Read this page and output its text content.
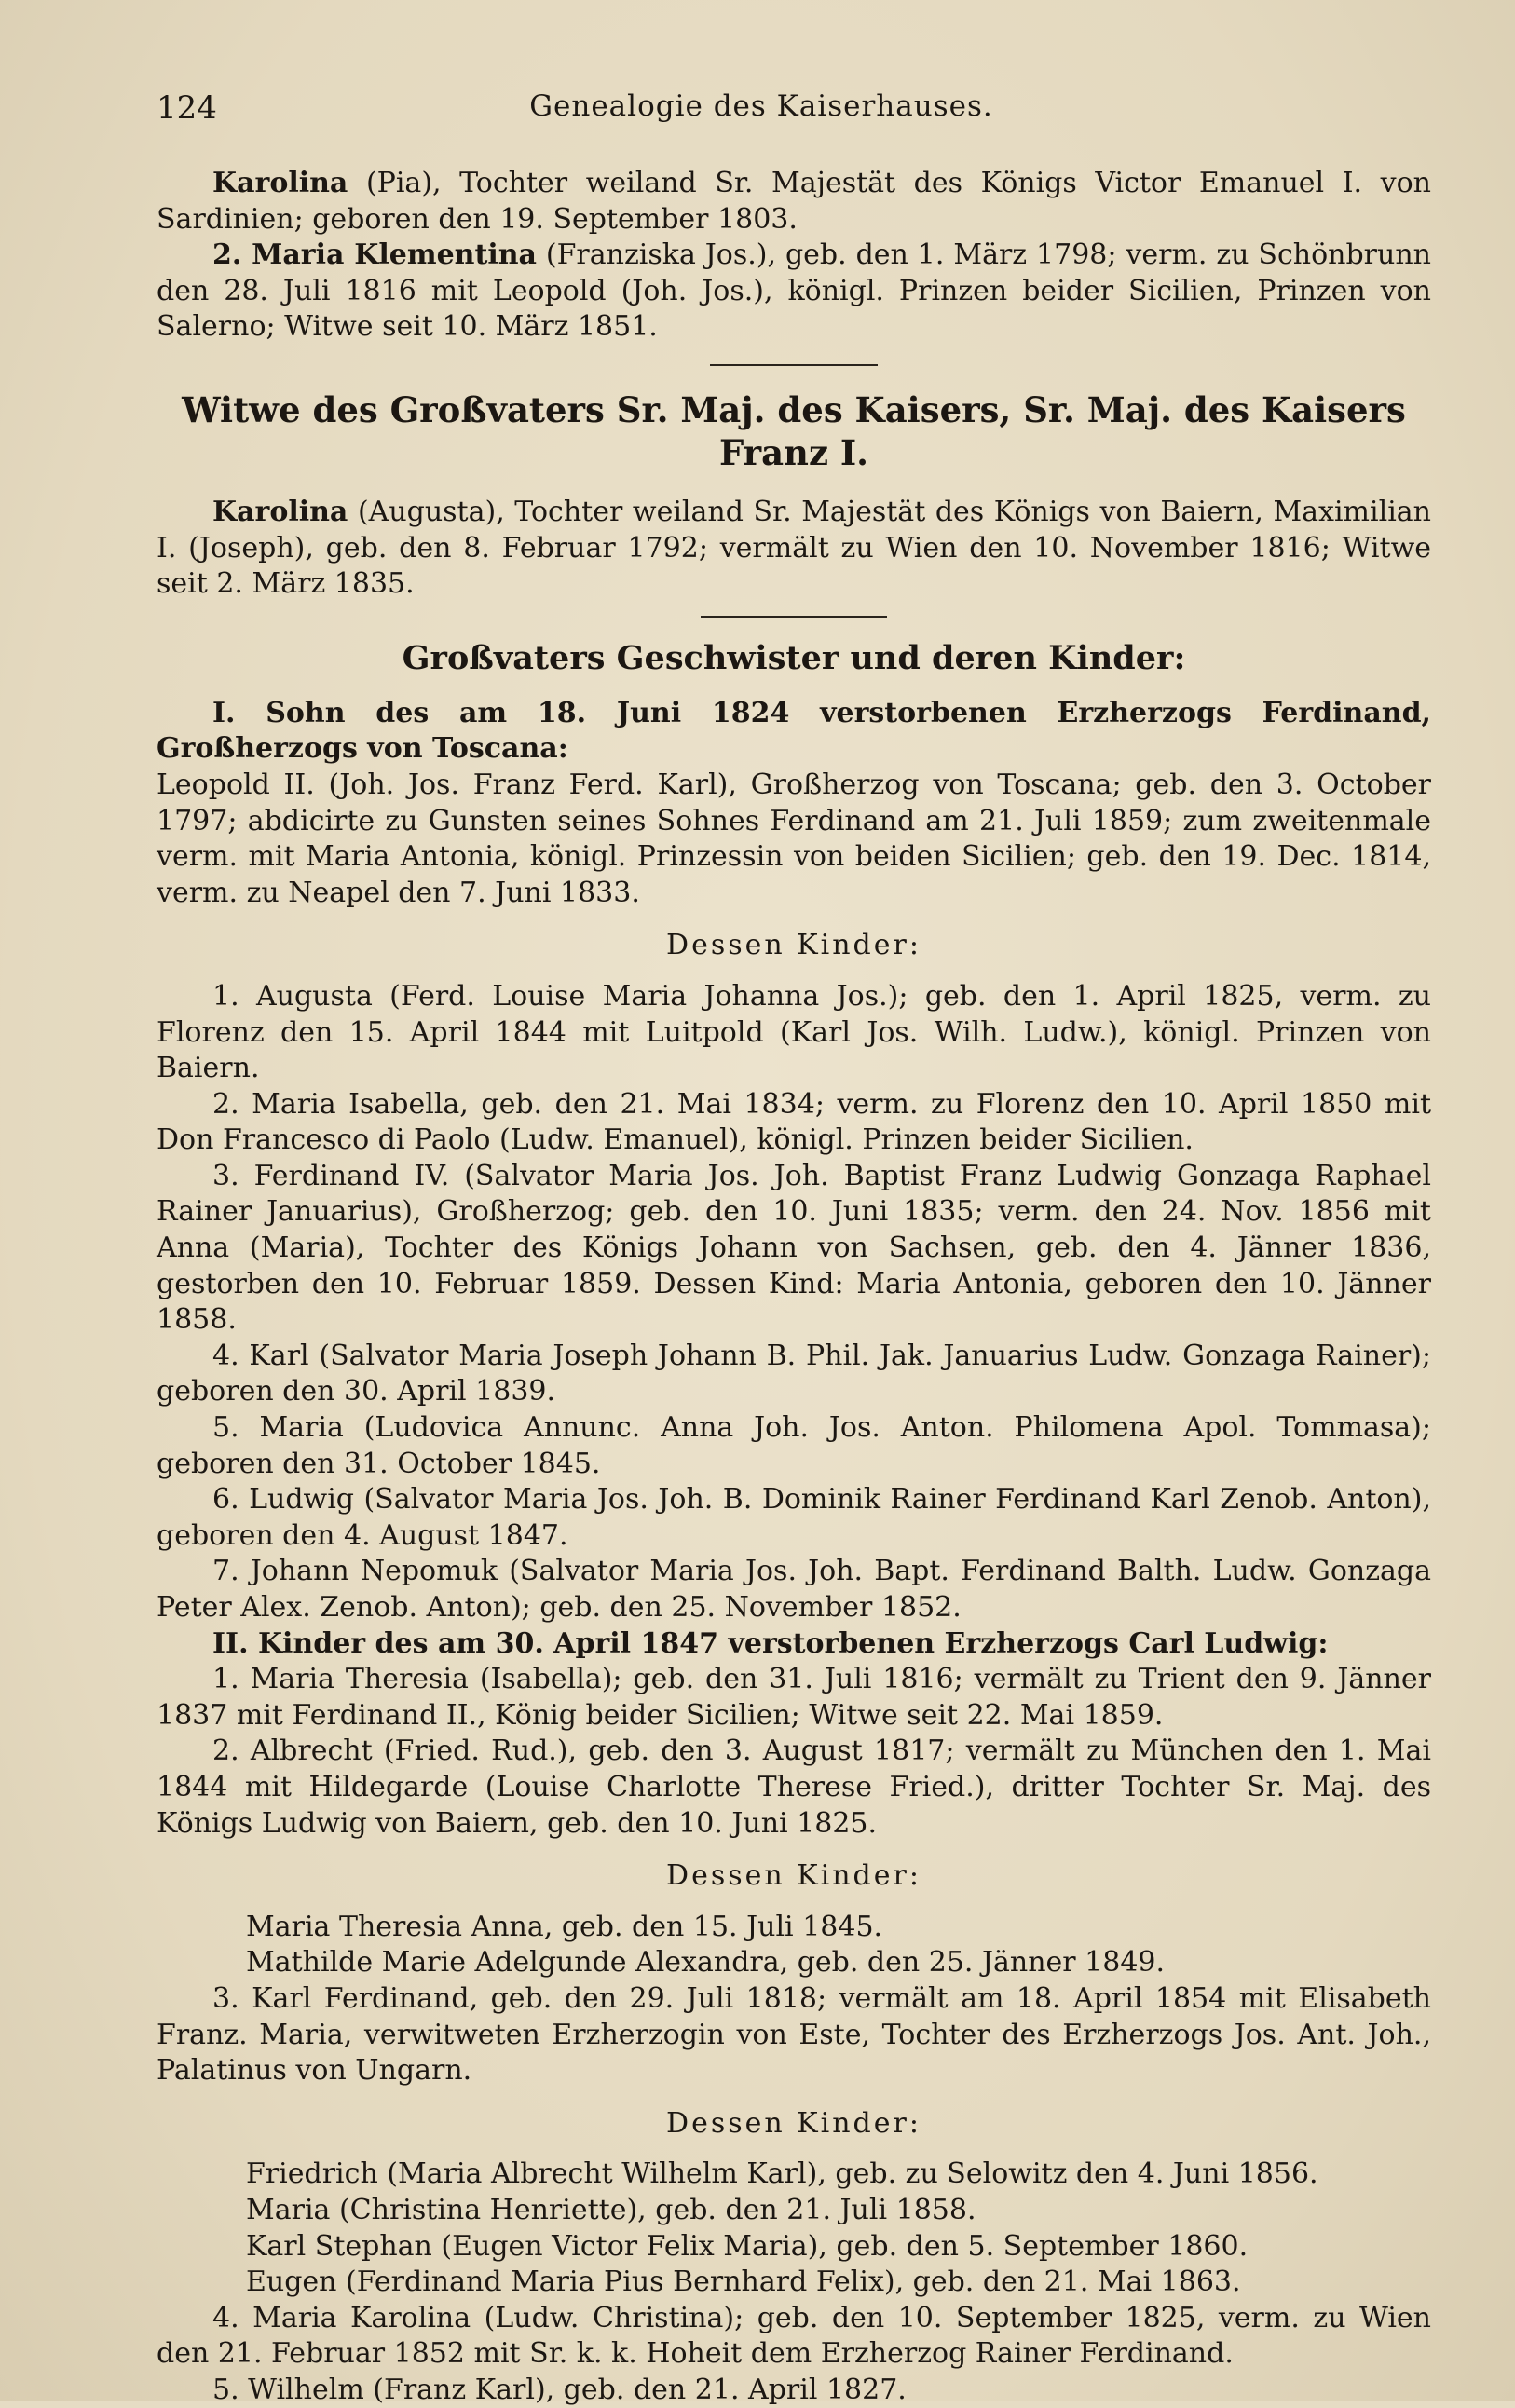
124	Genealogie des Kaiserhauses.

Karolina (Pia), Tochter weiland Sr. Majestät des Königs Victor Emanuel I. von Sardinien; geboren den 19. September 1803.

2. Maria Klementina (Franziska Jos.), geb. den 1. März 1798; verm. zu Schönbrunn den 28. Juli 1816 mit Leopold (Joh. Jos.), königl. Prinzen beider Sicilien, Prinzen von Salerno; Witwe seit 10. März 1851.

Witwe des Großvaters Sr. Maj. des Kaisers, Sr. Maj. des Kaisers Franz I.

Karolina (Augusta), Tochter weiland Sr. Majestät des Königs von Baiern, Maximilian I. (Joseph), geb. den 8. Februar 1792; vermält zu Wien den 10. November 1816; Witwe seit 2. März 1835.

Großvaters Geschwister und deren Kinder:

I. Sohn des am 18. Juni 1824 verstorbenen Erzherzogs Ferdinand, Großherzogs von Toscana:

Leopold II. (Joh. Jos. Franz Ferd. Karl), Großherzog von Toscana; geb. den 3. October 1797; abdicirte zu Gunsten seines Sohnes Ferdinand am 21. Juli 1859; zum zweitenmale verm. mit Maria Antonia, königl. Prinzessin von beiden Sicilien; geb. den 19. Dec. 1814, verm. zu Neapel den 7. Juni 1833.

Dessen Kinder:

1. Augusta (Ferd. Louise Maria Johanna Jos.); geb. den 1. April 1825, verm. zu Florenz den 15. April 1844 mit Luitpold (Karl Jos. Wilh. Ludw.), königl. Prinzen von Baiern.

2. Maria Isabella, geb. den 21. Mai 1834; verm. zu Florenz den 10. April 1850 mit Don Francesco di Paolo (Ludw. Emanuel), königl. Prinzen beider Sicilien.

3. Ferdinand IV. (Salvator Maria Jos. Joh. Baptist Franz Ludwig Gonzaga Raphael Rainer Januarius), Großherzog; geb. den 10. Juni 1835; verm. den 24. Nov. 1856 mit Anna (Maria), Tochter des Königs Johann von Sachsen, geb. den 4. Jänner 1836, gestorben den 10. Februar 1859. Dessen Kind: Maria Antonia, geboren den 10. Jänner 1858.

4. Karl (Salvator Maria Joseph Johann B. Phil. Jak. Januarius Ludw. Gonzaga Rainer); geboren den 30. April 1839.

5. Maria (Ludovica Annunc. Anna Joh. Jos. Anton. Philomena Apol. Tommasa); geboren den 31. October 1845.

6. Ludwig (Salvator Maria Jos. Joh. B. Dominik Rainer Ferdinand Karl Zenob. Anton), geboren den 4. August 1847.

7. Johann Nepomuk (Salvator Maria Jos. Joh. Bapt. Ferdinand Balth. Ludw. Gonzaga Peter Alex. Zenob. Anton); geb. den 25. November 1852.

II. Kinder des am 30. April 1847 verstorbenen Erzherzogs Carl Ludwig:

1. Maria Theresia (Isabella); geb. den 31. Juli 1816; vermält zu Trient den 9. Jänner 1837 mit Ferdinand II., König beider Sicilien; Witwe seit 22. Mai 1859.

2. Albrecht (Fried. Rud.), geb. den 3. August 1817; vermält zu München den 1. Mai 1844 mit Hildegarde (Louise Charlotte Therese Fried.), dritter Tochter Sr. Maj. des Königs Ludwig von Baiern, geb. den 10. Juni 1825.

Dessen Kinder:

Maria Theresia Anna, geb. den 15. Juli 1845.

Mathilde Marie Adelgunde Alexandra, geb. den 25. Jänner 1849.

3. Karl Ferdinand, geb. den 29. Juli 1818; vermält am 18. April 1854 mit Elisabeth Franz. Maria, verwitweten Erzherzogin von Este, Tochter des Erzherzogs Jos. Ant. Joh., Palatinus von Ungarn.

Dessen Kinder:

Friedrich (Maria Albrecht Wilhelm Karl), geb. zu Selowitz den 4. Juni 1856.

Maria (Christina Henriette), geb. den 21. Juli 1858.

Karl Stephan (Eugen Victor Felix Maria), geb. den 5. September 1860.

Eugen (Ferdinand Maria Pius Bernhard Felix), geb. den 21. Mai 1863.

4. Maria Karolina (Ludw. Christina); geb. den 10. September 1825, verm. zu Wien den 21. Februar 1852 mit Sr. k. k. Hoheit dem Erzherzog Rainer Ferdinand.

5. Wilhelm (Franz Karl), geb. den 21. April 1827.
